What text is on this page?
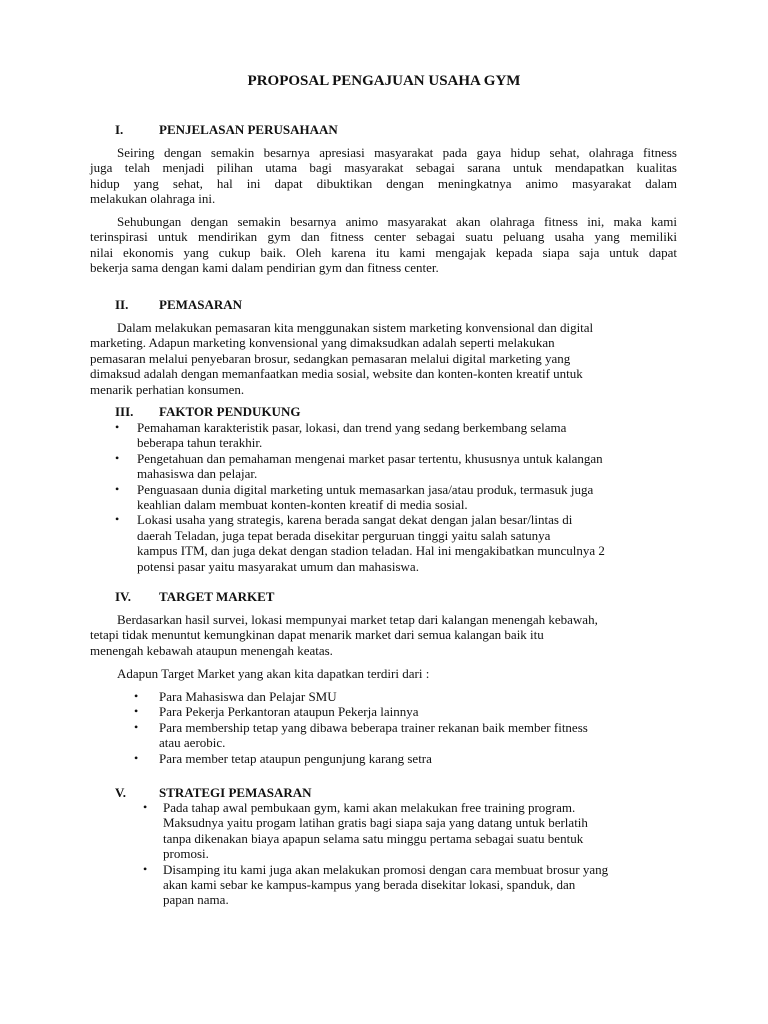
PROPOSAL PENGAJUAN USAHA GYM
I.	PENJELASAN PERUSAHAAN
Seiring dengan semakin besarnya apresiasi masyarakat pada gaya hidup sehat, olahraga fitness
juga telah menjadi pilihan utama bagi masyarakat sebagai sarana untuk mendapatkan kualitas
hidup yang sehat, hal ini dapat dibuktikan dengan meningkatnya animo masyarakat dalam
melakukan olahraga ini.
Sehubungan dengan semakin besarnya animo masyarakat akan olahraga fitness ini, maka kami
terinspirasi untuk mendirikan gym dan fitness center sebagai suatu peluang usaha yang memiliki
nilai ekonomis yang cukup baik. Oleh karena itu kami mengajak kepada siapa saja untuk dapat
bekerja sama dengan kami dalam pendirian gym dan fitness center.
II. PEMASARAN
Dalam melakukan pemasaran kita menggunakan sistem marketing konvensional dan digital
marketing. Adapun marketing konvensional yang dimaksudkan adalah seperti melakukan
pemasaran melalui penyebaran brosur, sedangkan pemasaran melalui digital marketing yang
dimaksud adalah dengan memanfaatkan media sosial, website dan konten-konten kreatif untuk
menarik perhatian konsumen.
III. FAKTOR PENDUKUNG
• Pemahaman karakteristik pasar, lokasi, dan trend yang sedang berkembang selama
beberapa tahun terakhir.
• Pengetahuan dan pemahaman mengenai market pasar tertentu, khususnya untuk kalangan
mahasiswa dan pelajar.
• Penguasaan dunia digital marketing untuk memasarkan jasa/atau produk, termasuk juga
keahlian dalam membuat konten-konten kreatif di media sosial.
• Lokasi usaha yang strategis, karena berada sangat dekat dengan jalan besar/lintas di
daerah Teladan, juga tepat berada disekitar perguruan tinggi yaitu salah satunya
kampus ITM, dan juga dekat dengan stadion teladan. Hal ini mengakibatkan munculnya 2
potensi pasar yaitu masyarakat umum dan mahasiswa.
IV. TARGET MARKET
Berdasarkan hasil survei, lokasi mempunyai market tetap dari kalangan menengah kebawah,
tetapi tidak menuntut kemungkinan dapat menarik market dari semua kalangan baik itu
menengah kebawah ataupun menengah keatas.
Adapun Target Market yang akan kita dapatkan terdiri dari :
• Para Mahasiswa dan Pelajar SMU
• Para Pekerja Perkantoran ataupun Pekerja lainnya
• Para membership tetap yang dibawa beberapa trainer rekanan baik member fitness
atau aerobic.
• Para member tetap ataupun pengunjung karang setra
V.	STRATEGI PEMASARAN
• Pada tahap awal pembukaan gym, kami akan melakukan free training program.
Maksudnya yaitu progam latihan gratis bagi siapa saja yang datang untuk berlatih
tanpa dikenakan biaya apapun selama satu minggu pertama sebagai suatu bentuk
promosi.
• Disamping itu kami juga akan melakukan promosi dengan cara membuat brosur yang
akan kami sebar ke kampus-kampus yang berada disekitar lokasi, spanduk, dan
papan nama.
